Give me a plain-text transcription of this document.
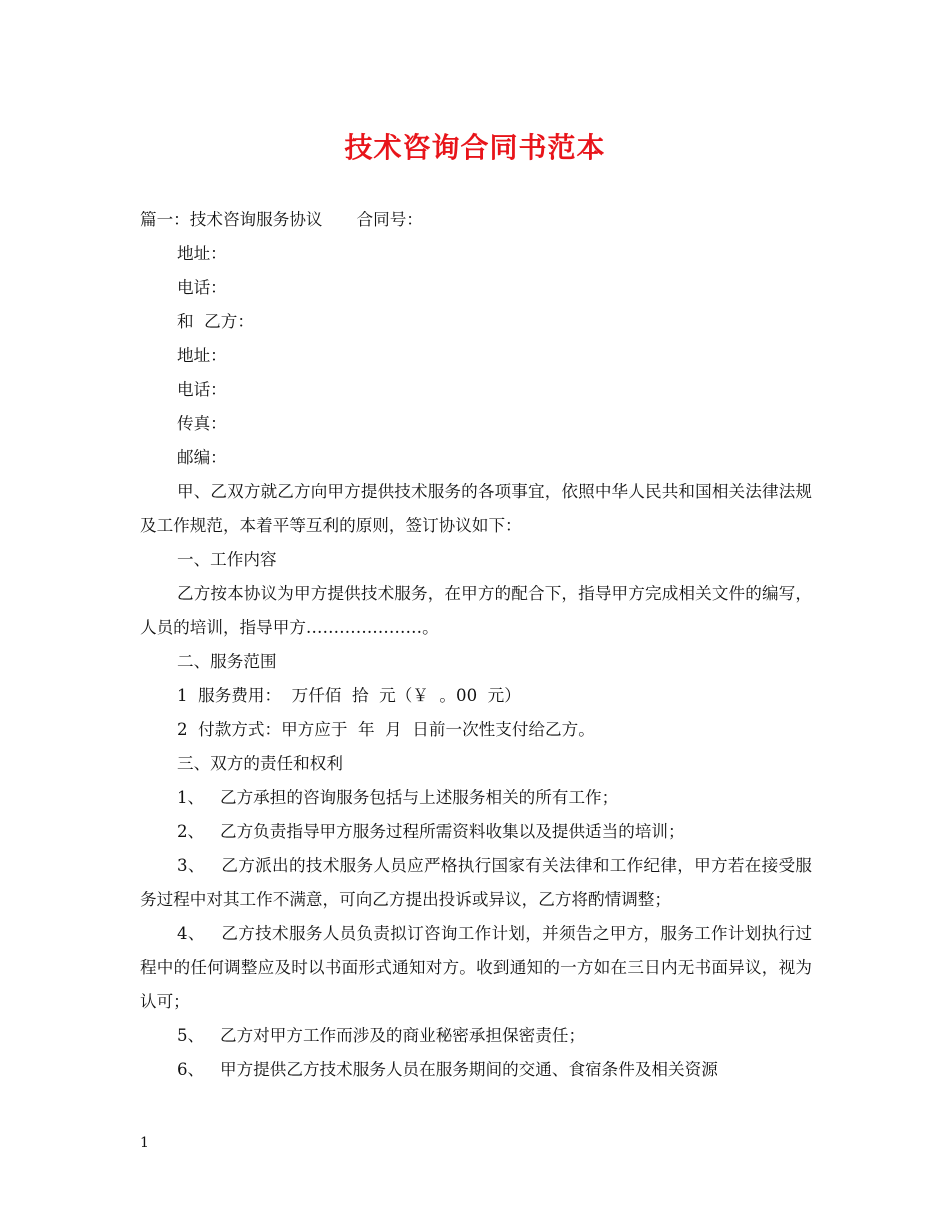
技术咨询合同书范本

篇一：技术咨询服务协议 合同号：

地址：

电话：

和  乙方：

地址：

电话：

传真：

邮编：

甲、乙双方就乙方向甲方提供技术服务的各项事宜，依照中华人民共和国相关法律法规及工作规范，本着平等互利的原则，签订协议如下：

一、工作内容

乙方按本协议为甲方提供技术服务，在甲方的配合下，指导甲方完成相关文件的编写，人员的培训，指导甲方…………………。

二、服务范围

1  服务费用：  万仟佰  拾  元（￥  。00  元）

2  付款方式：甲方应于  年  月  日前一次性支付给乙方。

三、双方的责任和权利

1、   乙方承担的咨询服务包括与上述服务相关的所有工作；

2、   乙方负责指导甲方服务过程所需资料收集以及提供适当的培训；

3、   乙方派出的技术服务人员应严格执行国家有关法律和工作纪律，甲方若在接受服务过程中对其工作不满意，可向乙方提出投诉或异议，乙方将酌情调整；

4、   乙方技术服务人员负责拟订咨询工作计划，并须告之甲方，服务工作计划执行过程中的任何调整应及时以书面形式通知对方。收到通知的一方如在三日内无书面异议，视为认可；

5、   乙方对甲方工作而涉及的商业秘密承担保密责任；

6、   甲方提供乙方技术服务人员在服务期间的交通、食宿条件及相关资源

1
